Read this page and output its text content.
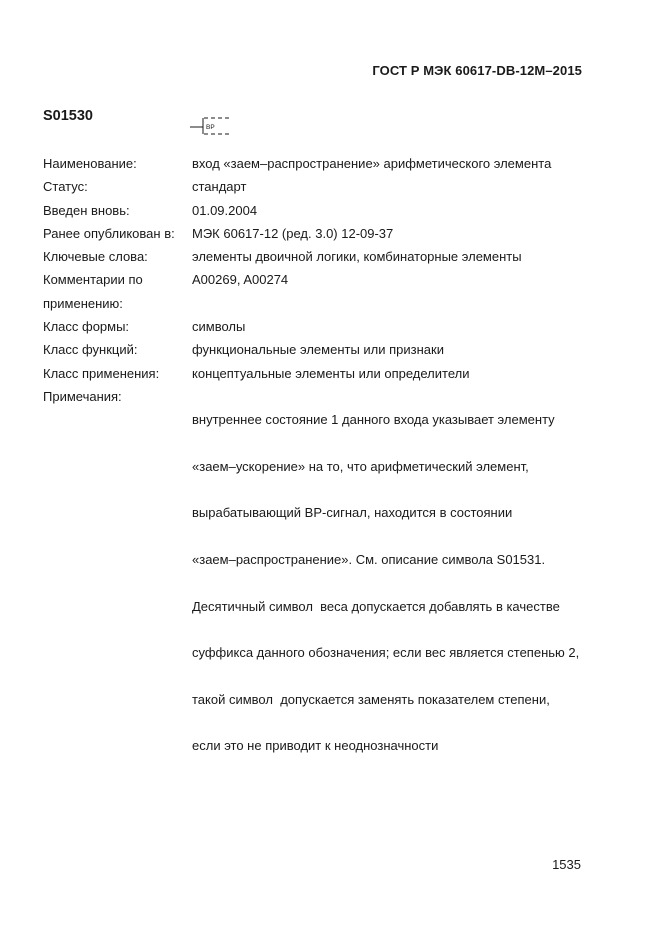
ГОСТ Р МЭК 60617-DB-12M–2015
S01530
BP
Наименование:	вход «заем–распространение» арифметического элемента
Статус:	стандарт
Введен вновь:	01.09.2004
Ранее опубликован в:	МЭК 60617-12 (ред. 3.0) 12-09-37
Ключевые слова:	элементы двоичной логики, комбинаторные элементы
Комментарии по
применению:
A00269, A00274
Класс формы:	символы
Класс функций:	функциональные элементы или признаки
Класс применения:	концептуальные элементы или определители
Примечания:

внутреннее состояние 1 данного входа указывает элементу

«заем–ускорение» на то, что арифметический элемент,

вырабатывающий BP-сигнал, находится в состоянии

«заем–распространение». См. описание символа S01531.

Десятичный символ  веса допускается добавлять в качестве

суффикса данного обозначения; если вес является степенью 2,

такой символ  допускается заменять показателем степени,

если это не приводит к неоднозначности

1535
